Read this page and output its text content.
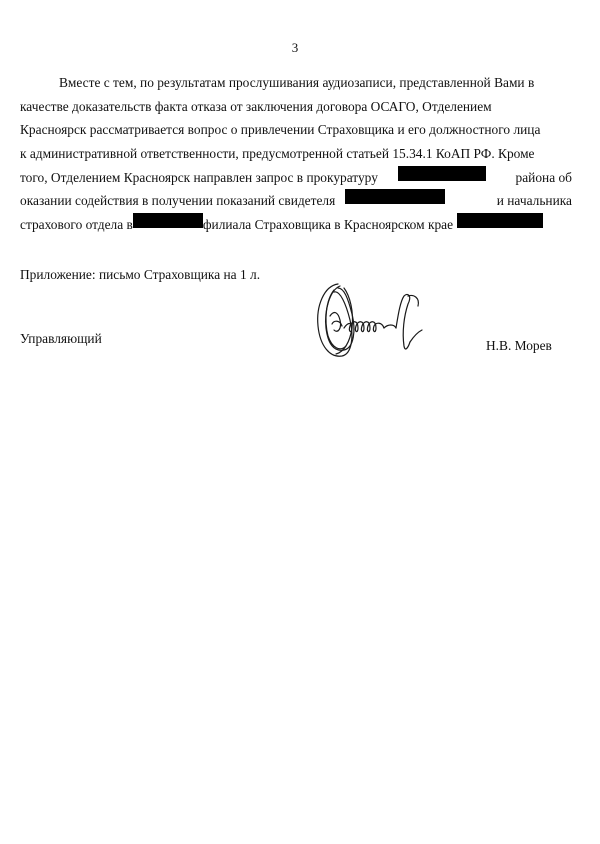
3
Вместе с тем, по результатам прослушивания аудиозаписи, представленной Вами в
качестве доказательств факта отказа от заключения договора ОСАГО, Отделением
Красноярск рассматривается вопрос о привлечении Страховщика и его должностного лица
к административной ответственности, предусмотренной статьей 15.34.1 КоАП РФ. Кроме
того, Отделением Красноярск направлен запрос в прокуратуру	района об
оказании содействия в получении показаний свидетеля	и начальника
страхового отдела в	филиала Страховщика в Красноярском крае
Приложение: письмо Страховщика на 1 л.
Управляющий	Н.В. Морев
